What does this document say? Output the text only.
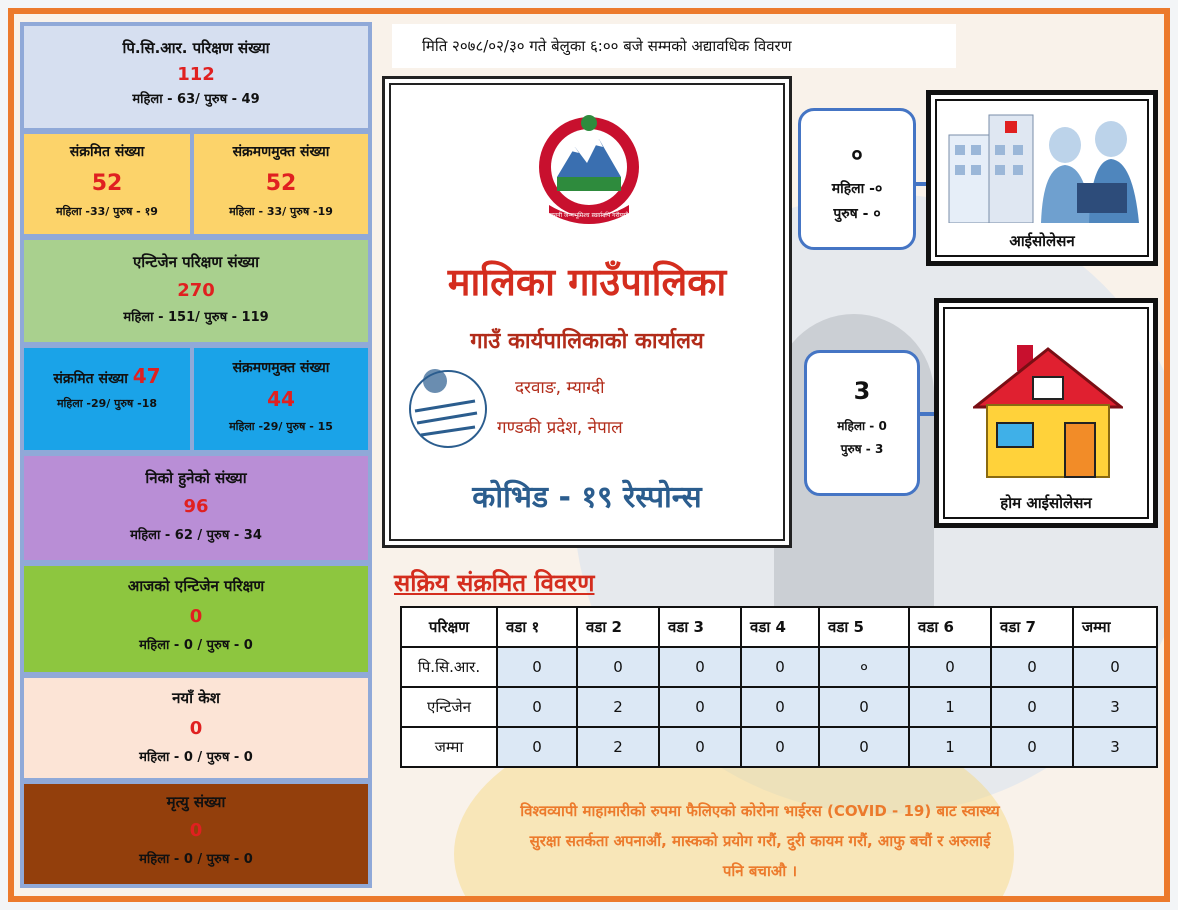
पि.सि.आर. परिक्षण संख्या
112
महिला - 63/ पुरुष - 49
संक्रमित संख्या
52
महिला -33/ पुरुष - १9
संक्रमणमुक्त संख्या
52
महिला - 33/ पुरुष -19
एन्टिजेन परिक्षण संख्या
270
महिला - 151/ पुरुष - 119
संक्रमित संख्या 47
महिला -29/ पुरुष -18
संक्रमणमुक्त संख्या
44
महिला -29/ पुरुष - 15
निको हुनेको संख्या
96
महिला - 62 / पुरुष - 34
आजको एन्टिजेन परिक्षण
0
महिला - 0 / पुरुष - 0
नयाँ केश
0
महिला - 0 / पुरुष - 0
मृत्यु संख्या
0
महिला - 0 / पुरुष - 0
मिति २०७८/०२/३० गते बेलुका ६:०० बजे सम्मको अद्यावधिक विवरण
जननी जन्मभूमिश्च स्वर्गादपि गरीयसी
मालिका गाउँपालिका
गाउँ कार्यपालिकाको कार्यालय
दरवाङ, म्याग्दी
गण्डकी प्रदेश, नेपाल
कोभिड - १९ रेस्पोन्स
०
महिला -०
पुरुष - ०
आईसोलेसन
3
महिला - 0
पुरुष - 3
होम आईसोलेसन
सक्रिय संक्रमित विवरण
परिक्षण	वडा १	वडा 2	वडा 3	वडा 4	वडा 5	वडा 6	वडा 7	जम्मा
पि.सि.आर.	0	0	0	0	०	0	0	0
एन्टिजेन	0	2	0	0	0	1	0	3
जम्मा	0	2	0	0	0	1	0	3
विश्वव्यापी माहामारीको रुपमा फैलिएको कोरोना भाईरस (COVID - 19) बाट स्वास्थ्य
सुरक्षा सतर्कता अपनाऔं, मास्कको प्रयोग गरौं, दुरी कायम गरौं, आफु बचौं र अरुलाई
पनि बचाऔ ।
